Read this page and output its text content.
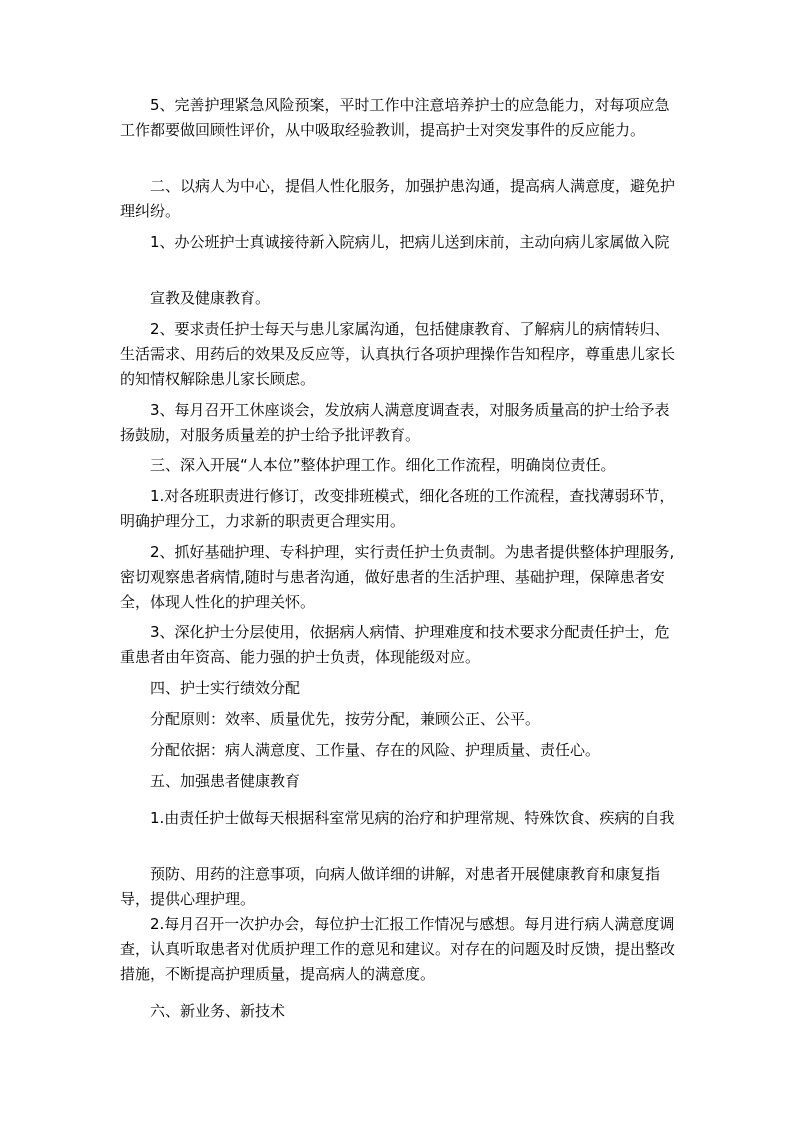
5、完善护理紧急风险预案，平时工作中注意培养护士的应急能力，对每项应急工作都要做回顾性评价，从中吸取经验教训，提高护士对突发事件的反应能力。

二、以病人为中心，提倡人性化服务，加强护患沟通，提高病人满意度，避免护理纠纷。

1、办公班护士真诚接待新入院病儿，把病儿送到床前，主动向病儿家属做入院

宣教及健康教育。

2、要求责任护士每天与患儿家属沟通，包括健康教育、了解病儿的病情转归、生活需求、用药后的效果及反应等，认真执行各项护理操作告知程序，尊重患儿家长的知情权解除患儿家长顾虑。

3、每月召开工休座谈会，发放病人满意度调查表，对服务质量高的护士给予表扬鼓励，对服务质量差的护士给予批评教育。

三、深入开展“人本位”整体护理工作。细化工作流程，明确岗位责任。

1.对各班职责进行修订，改变排班模式，细化各班的工作流程，查找薄弱环节，明确护理分工，力求新的职责更合理实用。

2、抓好基础护理、专科护理，实行责任护士负责制。为患者提供整体护理服务,密切观察患者病情,随时与患者沟通，做好患者的生活护理、基础护理，保障患者安全，体现人性化的护理关怀。

3、深化护士分层使用，依据病人病情、护理难度和技术要求分配责任护士，危重患者由年资高、能力强的护士负责，体现能级对应。

四、护士实行绩效分配

分配原则：效率、质量优先，按劳分配，兼顾公正、公平。

分配依据：病人满意度、工作量、存在的风险、护理质量、责任心。

五、加强患者健康教育

1.由责任护士做每天根据科室常见病的治疗和护理常规、特殊饮食、疾病的自我

预防、用药的注意事项，向病人做详细的讲解，对患者开展健康教育和康复指导，提供心理护理。

2.每月召开一次护办会，每位护士汇报工作情况与感想。每月进行病人满意度调查，认真听取患者对优质护理工作的意见和建议。对存在的问题及时反馈，提出整改措施，不断提高护理质量，提高病人的满意度。

六、新业务、新技术
